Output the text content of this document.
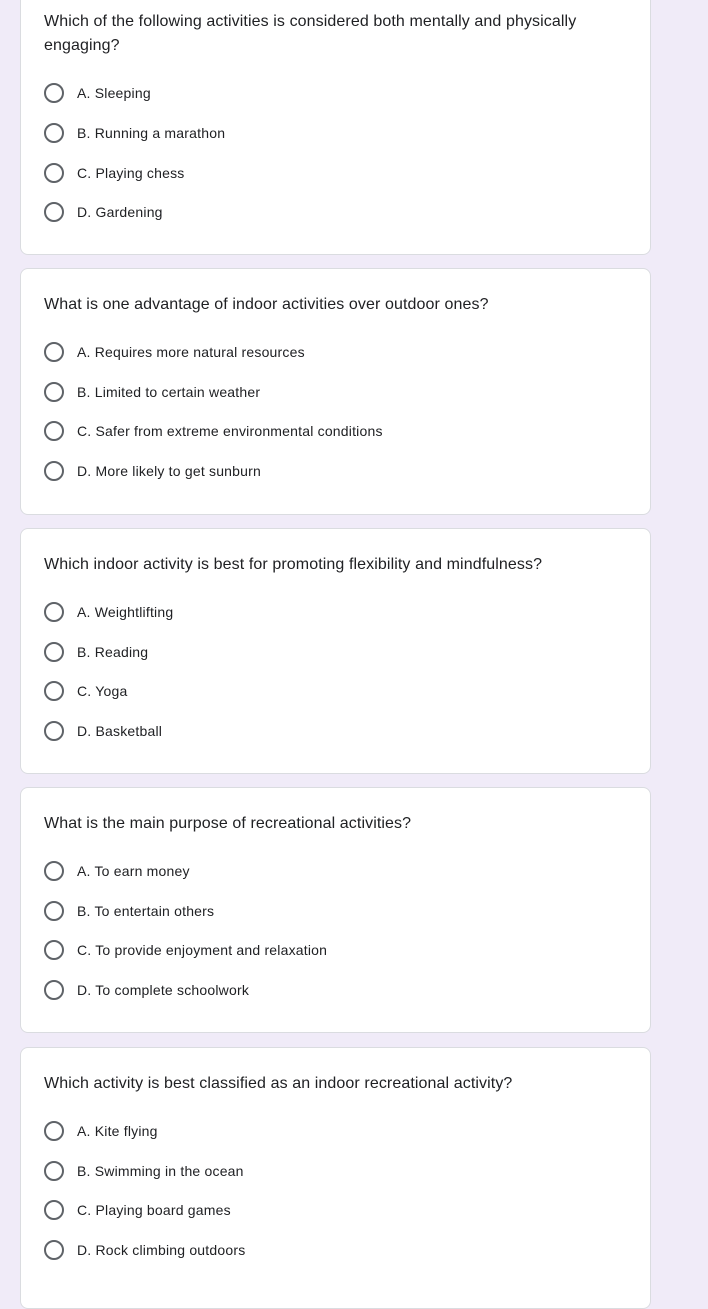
Which of the following activities is considered both mentally and physically engaging?
A. Sleeping
B. Running a marathon
C. Playing chess
D. Gardening
What is one advantage of indoor activities over outdoor ones?
A. Requires more natural resources
B. Limited to certain weather
C. Safer from extreme environmental conditions
D. More likely to get sunburn
Which indoor activity is best for promoting flexibility and mindfulness?
A. Weightlifting
B. Reading
C. Yoga
D. Basketball
What is the main purpose of recreational activities?
A. To earn money
B. To entertain others
C. To provide enjoyment and relaxation
D. To complete schoolwork
Which activity is best classified as an indoor recreational activity?
A. Kite flying
B. Swimming in the ocean
C. Playing board games
D. Rock climbing outdoors
